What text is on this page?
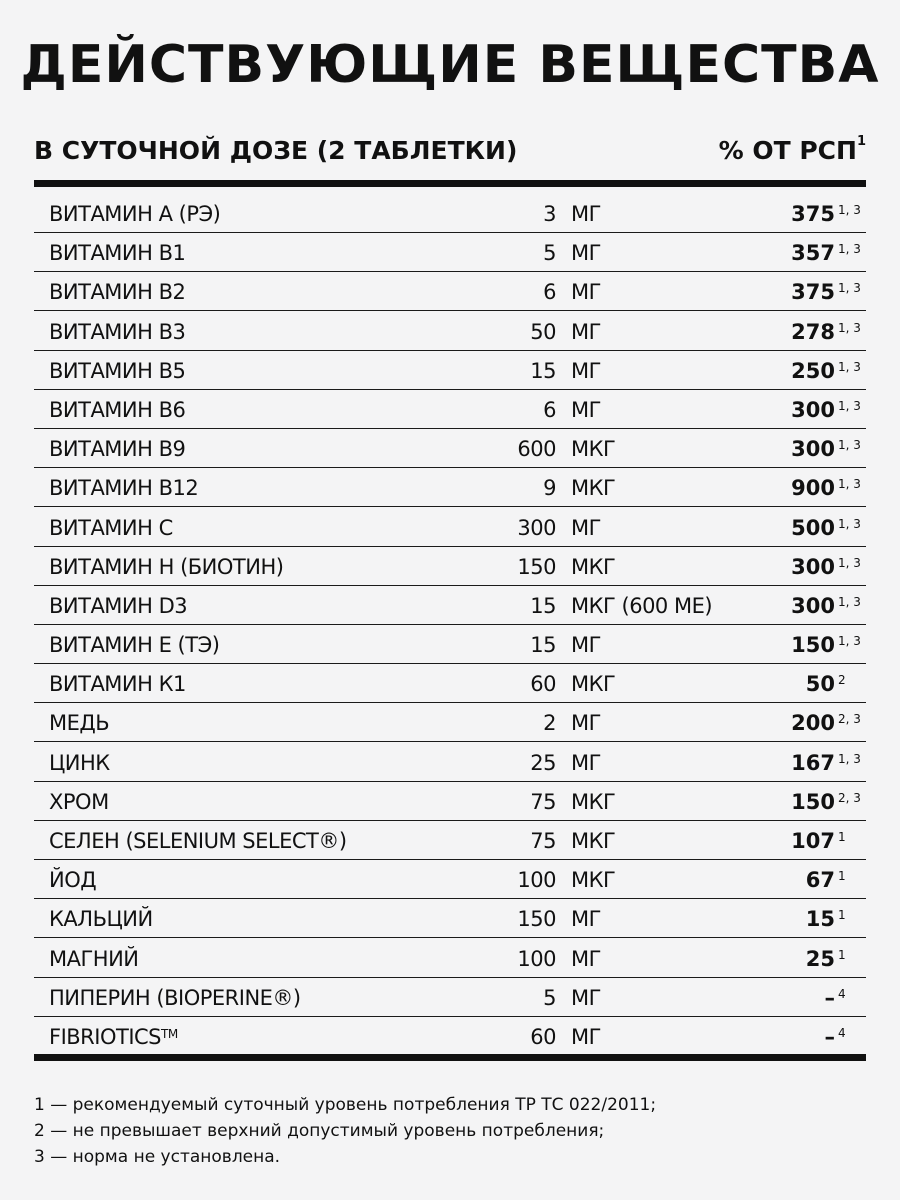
ДЕЙСТВУЮЩИЕ ВЕЩЕСТВА
В СУТОЧНОЙ ДОЗЕ (2 ТАБЛЕТКИ)	% ОТ РСП$^1$
ВИТАМИН А (РЭ)	3 МГ	375 1, 3
ВИТАМИН В1	5 МГ	357 1, 3
ВИТАМИН В2	6 МГ	375 1, 3
ВИТАМИН В3	50 МГ	278 1, 3
ВИТАМИН В5	15 МГ	250 1, 3
ВИТАМИН В6	6 МГ	300 1, 3
ВИТАМИН В9	600 МКГ	300 1, 3
ВИТАМИН В12	9 МКГ	900 1, 3
ВИТАМИН С	300 МГ	500 1, 3
ВИТАМИН Н (БИОТИН)	150 МКГ	300 1, 3
ВИТАМИН D3	15 МКГ (600 МЕ)	300 1, 3
ВИТАМИН Е (ТЭ)	15 МГ	150 1, 3
ВИТАМИН К1	60 МКГ	50 2
МЕДЬ	2 МГ	200 2, 3
ЦИНК	25 МГ	167 1, 3
ХРОМ	75 МКГ	150 2, 3
СЕЛЕН (SELENIUM SELECT®)	75 МКГ	107 1
ЙОД	100 МКГ	67 1
КАЛЬЦИЙ	150 МГ	15 1
МАГНИЙ	100 МГ	25 1
ПИПЕРИН (BIOPERINE®)	5 МГ	– 4
FIBRIOTICS™	60 МГ	– 4
1 — рекомендуемый суточный уровень потребления ТР ТС 022/2011;
2 — не превышает верхний допустимый уровень потребления;
3 — норма не установлена.
